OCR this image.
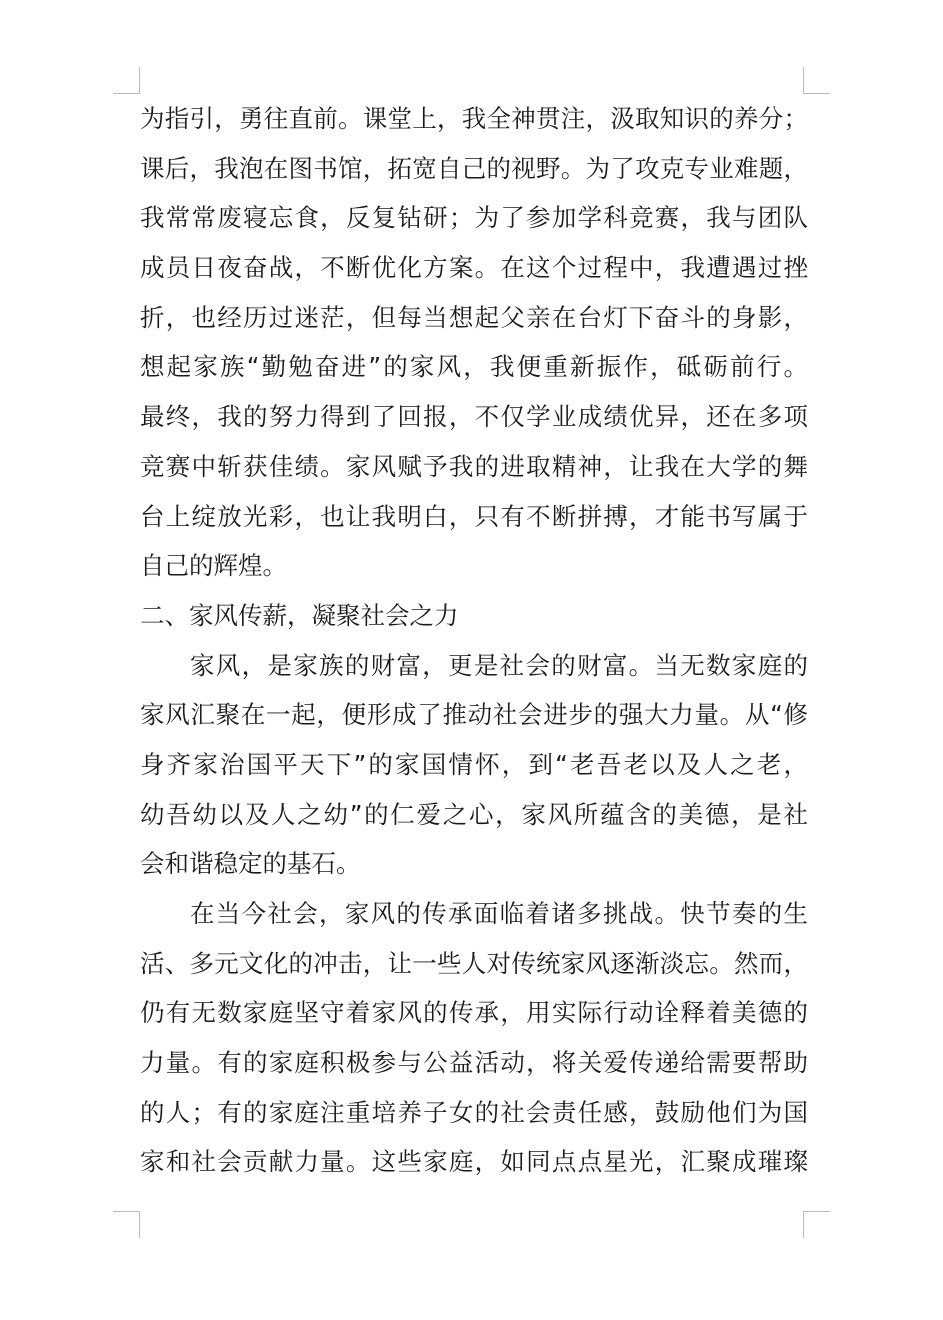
为指引，勇往直前。课堂上，我全神贯注，汲取知识的养分；
课后，我泡在图书馆，拓宽自己的视野。为了攻克专业难题，
我常常废寝忘食，反复钻研；为了参加学科竞赛，我与团队
成员日夜奋战，不断优化方案。在这个过程中，我遭遇过挫
折，也经历过迷茫，但每当想起父亲在台灯下奋斗的身影，
想起家族“勤勉奋进”的家风，我便重新振作，砥砺前行。
最终，我的努力得到了回报，不仅学业成绩优异，还在多项
竞赛中斩获佳绩。家风赋予我的进取精神，让我在大学的舞
台上绽放光彩，也让我明白，只有不断拼搏，才能书写属于
自己的辉煌。
二、家风传薪，凝聚社会之力
家风，是家族的财富，更是社会的财富。当无数家庭的
家风汇聚在一起，便形成了推动社会进步的强大力量。从“修
身齐家治国平天下”的家国情怀，到“老吾老以及人之老，
幼吾幼以及人之幼”的仁爱之心，家风所蕴含的美德，是社
会和谐稳定的基石。
在当今社会，家风的传承面临着诸多挑战。快节奏的生
活、多元文化的冲击，让一些人对传统家风逐渐淡忘。然而，
仍有无数家庭坚守着家风的传承，用实际行动诠释着美德的
力量。有的家庭积极参与公益活动，将关爱传递给需要帮助
的人；有的家庭注重培养子女的社会责任感，鼓励他们为国
家和社会贡献力量。这些家庭，如同点点星光，汇聚成璀璨
